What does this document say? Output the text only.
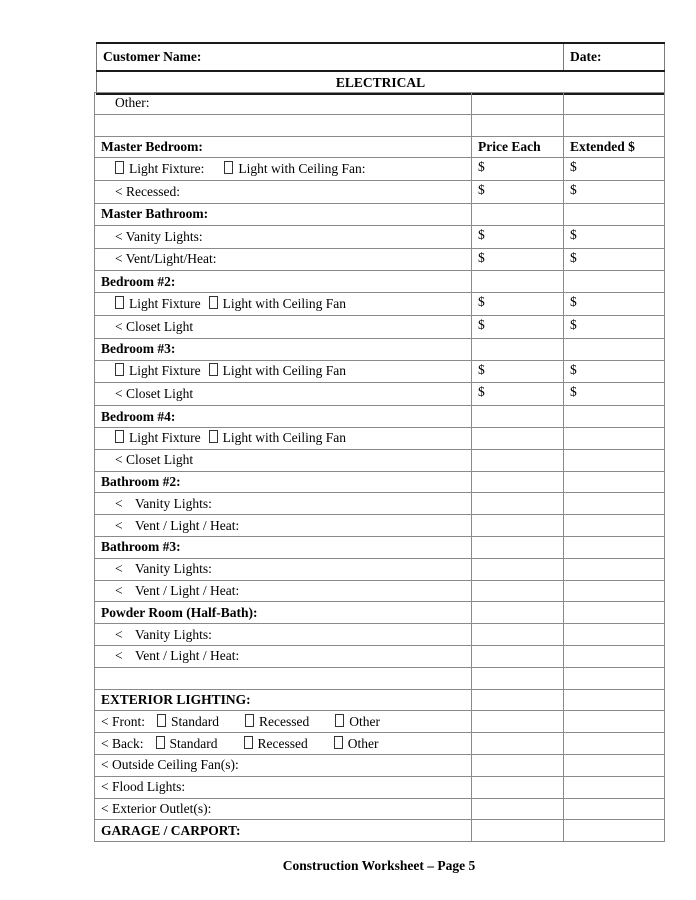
Customer Name:	Date:
ELECTRICAL
Other:		

Master Bedroom:	Price Each	Extended $
Light Fixture: Light with Ceiling Fan:	$	$
< Recessed:	$	$
Master Bathroom:		
< Vanity Lights:	$	$
< Vent/Light/Heat:	$	$
Bedroom #2:		
Light Fixture Light with Ceiling Fan	$	$
< Closet Light	$	$
Bedroom #3:		
Light Fixture Light with Ceiling Fan	$	$
< Closet Light	$	$
Bedroom #4:		
Light Fixture Light with Ceiling Fan		
< Closet Light		
Bathroom #2:		
< Vanity Lights:		
< Vent / Light / Heat:		
Bathroom #3:		
< Vanity Lights:		
< Vent / Light / Heat:		
Powder Room (Half-Bath):		
< Vanity Lights:		
< Vent / Light / Heat:		

EXTERIOR LIGHTING:		
< Front: Standard Recessed Other		
< Back: Standard Recessed Other		
< Outside Ceiling Fan(s):		
< Flood Lights:		
< Exterior Outlet(s):		
GARAGE / CARPORT:		
Construction Worksheet – Page 5
